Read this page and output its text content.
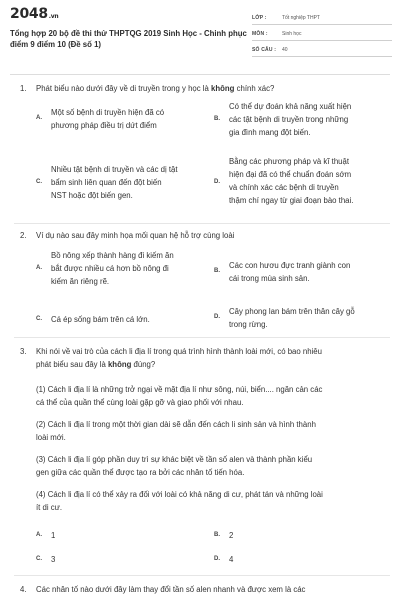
2048.vn
Tổng hợp 20 bộ đề thi thử THPTQG 2019 Sinh Học - Chinh phục điểm 9 điểm 10 (Đề số 1)
LỚP :	Tốt nghiệp THPT
MÔN :	Sinh học
SỐ CÂU :	40
1.	Phát biểu nào dưới đây về di truyền trong y học là không chính xác?
A.
Một số bệnh di truyền hiện đã có
phương pháp điều trị dứt điểm
B.
Có thể dự đoán khả năng xuất hiện
các tật bệnh di truyền trong những
gia đình mang đột biến.
C.
Nhiều tật bệnh di truyền và các dị tật
bẩm sinh liên quan đến đột biến
NST hoặc đột biến gen.
D.
Bằng các phương pháp và kĩ thuật
hiện đại đã có thể chuẩn đoán sớm
và chính xác các bệnh di truyền
thậm chí ngay từ giai đoạn bào thai.
2.	Ví dụ nào sau đây minh họa mối quan hệ hỗ trợ cùng loài
A.
Bồ nông xếp thành hàng đi kiếm ăn
bắt được nhiều cá hơn bồ nông đi
kiếm ăn riêng rẽ.
B.
Các con hươu đực tranh giành con
cái trong mùa sinh sản.
C. Cá ép sống bám trên cá lớn.	D.
Cây phong lan bám trên thân cây gỗ
trong rừng.
3.	Khi nói về vai trò của cách li địa lí trong quá trình hình thành loài mới, có bao nhiêu
phát biểu sau đây là không đúng?
(1) Cách li địa lí là những trở ngại về mặt địa lí như sông, núi, biển.... ngăn cản các
cá thể của quần thể cùng loài gặp gỡ và giao phối với nhau.
(2) Cách li địa lí trong một thời gian dài sẽ dẫn đến cách li sinh sản và hình thành
loài mới.
(3) Cách li địa lí góp phần duy trì sự khác biệt về tần số alen và thành phần kiểu
gen giữa các quần thể được tạo ra bởi các nhân tố tiến hóa.
(4) Cách li địa lí có thể xảy ra đối với loài có khả năng di cư, phát tán và những loài
ít di cư.
A. 1	B. 2
C. 3	D. 4
4.	Các nhân tố nào dưới đây làm thay đổi tần số alen nhanh và được xem là các
